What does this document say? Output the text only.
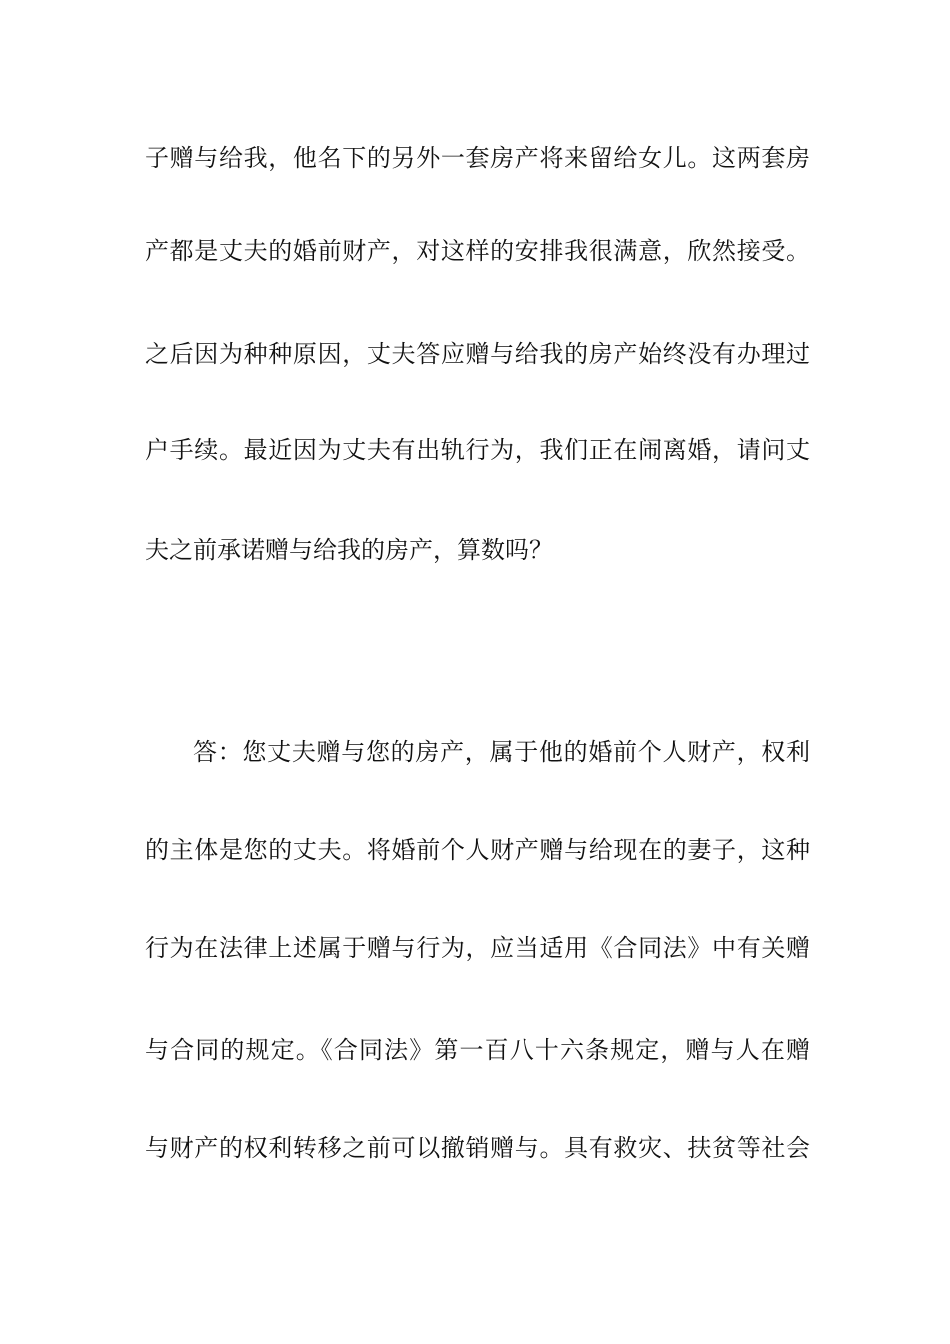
子赠与给我，他名下的另外一套房产将来留给女儿。这两套房
产都是丈夫的婚前财产，对这样的安排我很满意，欣然接受。
之后因为种种原因，丈夫答应赠与给我的房产始终没有办理过
户手续。最近因为丈夫有出轨行为，我们正在闹离婚，请问丈
夫之前承诺赠与给我的房产，算数吗？
答：您丈夫赠与您的房产，属于他的婚前个人财产，权利
的主体是您的丈夫。将婚前个人财产赠与给现在的妻子，这种
行为在法律上述属于赠与行为，应当适用《合同法》中有关赠
与合同的规定。《合同法》第一百八十六条规定，赠与人在赠
与财产的权利转移之前可以撤销赠与。具有救灾、扶贫等社会
